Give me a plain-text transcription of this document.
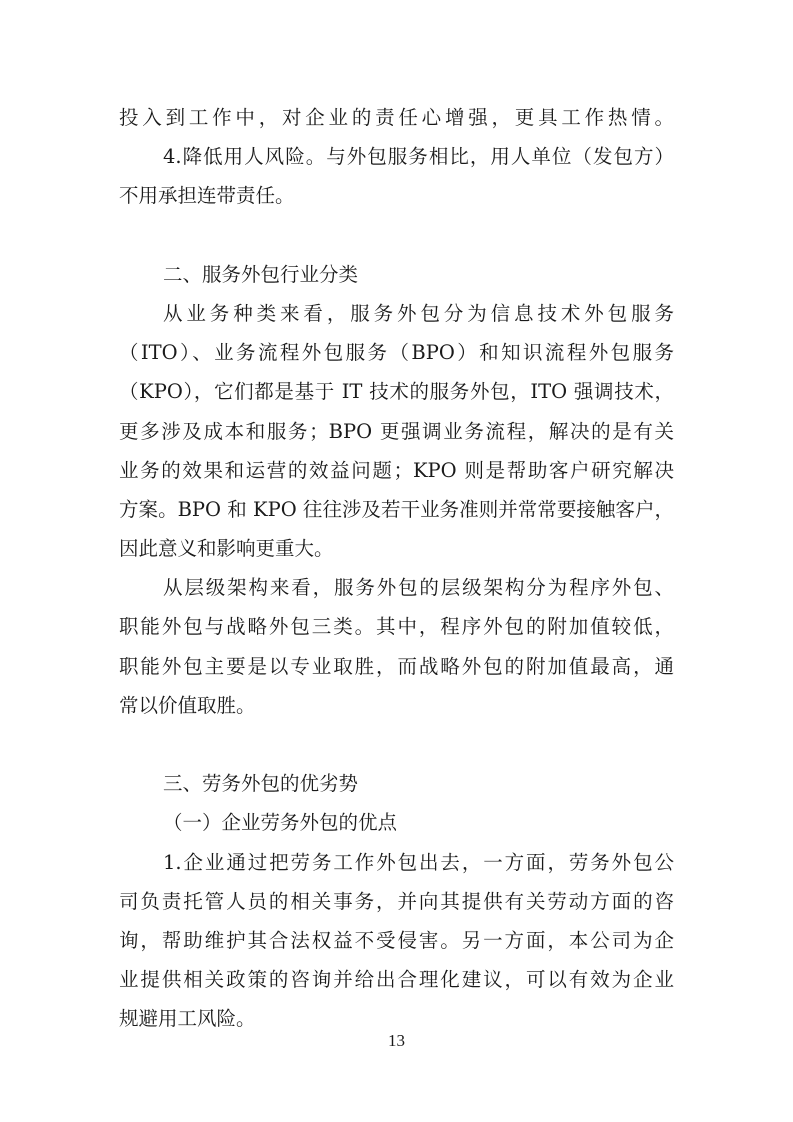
投入到工作中，对企业的责任心增强，更具工作热情。
4.降低用人风险。与外包服务相比，用人单位（发包方）
不用承担连带责任。
二、服务外包行业分类
从业务种类来看，服务外包分为信息技术外包服务
（ITO）、业务流程外包服务（BPO）和知识流程外包服务
（KPO），它们都是基于 IT 技术的服务外包，ITO 强调技术，
更多涉及成本和服务；BPO 更强调业务流程，解决的是有关
业务的效果和运营的效益问题；KPO 则是帮助客户研究解决
方案。BPO 和 KPO 往往涉及若干业务准则并常常要接触客户，
因此意义和影响更重大。
从层级架构来看，服务外包的层级架构分为程序外包、
职能外包与战略外包三类。其中，程序外包的附加值较低，
职能外包主要是以专业取胜，而战略外包的附加值最高，通
常以价值取胜。
三、劳务外包的优劣势
（一）企业劳务外包的优点
1.企业通过把劳务工作外包出去，一方面，劳务外包公
司负责托管人员的相关事务，并向其提供有关劳动方面的咨
询，帮助维护其合法权益不受侵害。另一方面，本公司为企
业提供相关政策的咨询并给出合理化建议，可以有效为企业
规避用工风险。
13
